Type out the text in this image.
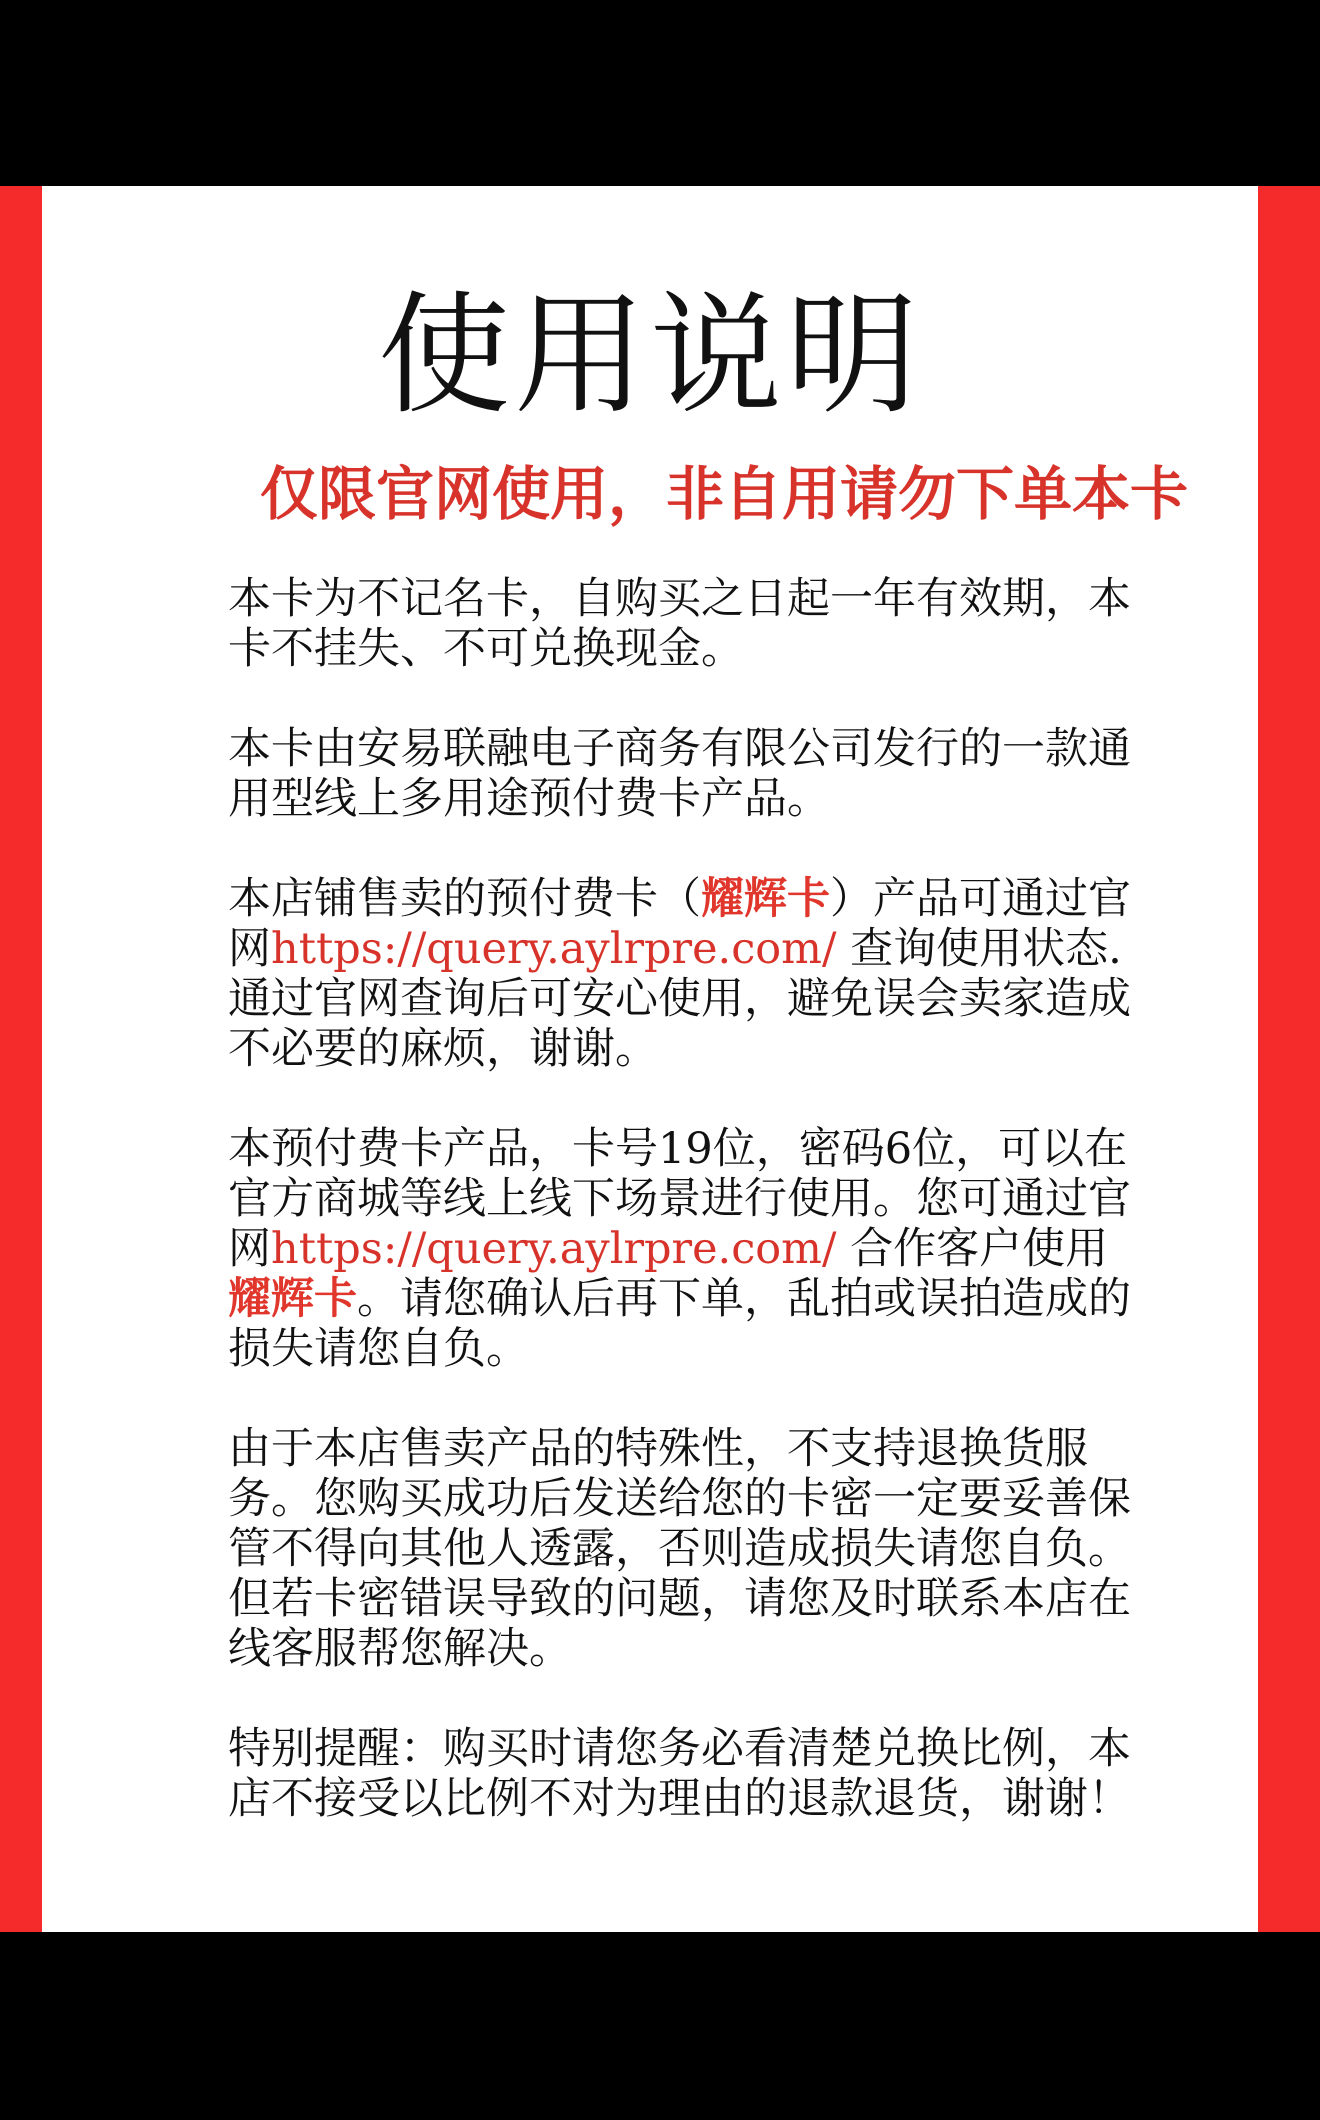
使用说明
仅限官网使用，非自用请勿下单本卡

本卡为不记名卡，自购买之日起一年有效期，本卡不挂失、不可兑换现金。

本卡由安易联融电子商务有限公司发行的一款通用型线上多用途预付费卡产品。

本店铺售卖的预付费卡（耀辉卡）产品可通过官网https://query.aylrpre.com/ 查询使用状态.通过官网查询后可安心使用，避免误会卖家造成不必要的麻烦，谢谢。

本预付费卡产品，卡号19位，密码6位，可以在官方商城等线上线下场景进行使用。您可通过官网https://query.aylrpre.com/ 合作客户使用 耀辉卡。请您确认后再下单，乱拍或误拍造成的损失请您自负。

由于本店售卖产品的特殊性，不支持退换货服务。您购买成功后发送给您的卡密一定要妥善保管不得向其他人透露，否则造成损失请您自负。但若卡密错误导致的问题，请您及时联系本店在线客服帮您解决。

特别提醒：购买时请您务必看清楚兑换比例，本店不接受以比例不对为理由的退款退货，谢谢！
